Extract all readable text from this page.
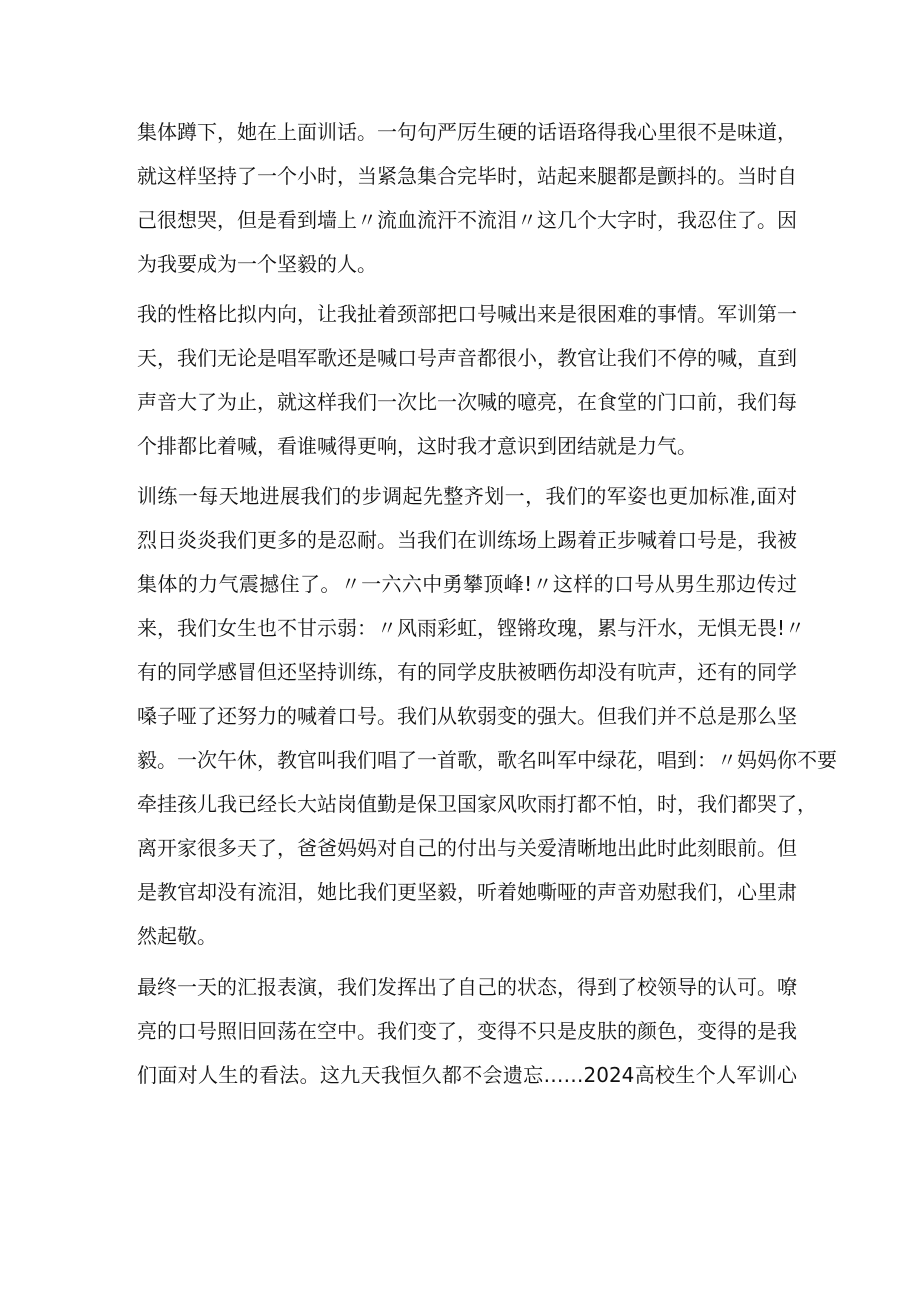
集体蹲下，她在上面训话。一句句严厉生硬的话语珞得我心里很不是味道，
就这样坚持了一个小时，当紧急集合完毕时，站起来腿都是颤抖的。当时自
己很想哭，但是看到墙上〃流血流汗不流泪〃这几个大字时，我忍住了。因
为我要成为一个坚毅的人。
我的性格比拟内向，让我扯着颈部把口号喊出来是很困难的事情。军训第一
天，我们无论是唱军歌还是喊口号声音都很小，教官让我们不停的喊，直到
声音大了为止，就这样我们一次比一次喊的噫亮，在食堂的门口前，我们每
个排都比着喊，看谁喊得更响，这时我才意识到团结就是力气。
训练一每天地进展我们的步调起先整齐划一，我们的军姿也更加标准,面对
烈日炎炎我们更多的是忍耐。当我们在训练场上踢着正步喊着口号是，我被
集体的力气震撼住了。〃一六六中勇攀顶峰!〃这样的口号从男生那边传过
来，我们女生也不甘示弱：〃风雨彩虹，铿锵玫瑰，累与汗水，无惧无畏!〃
有的同学感冒但还坚持训练，有的同学皮肤被晒伤却没有吭声，还有的同学
嗓子哑了还努力的喊着口号。我们从软弱变的强大。但我们并不总是那么坚
毅。一次午休，教官叫我们唱了一首歌，歌名叫军中绿花，唱到：〃妈妈你不要
牵挂孩儿我已经长大站岗值勤是保卫国家风吹雨打都不怕，时，我们都哭了，
离开家很多天了，爸爸妈妈对自己的付出与关爱清晰地出此时此刻眼前。但
是教官却没有流泪，她比我们更坚毅，听着她嘶哑的声音劝慰我们，心里肃
然起敬。
最终一天的汇报表演，我们发挥出了自己的状态，得到了校领导的认可。嘹
亮的口号照旧回荡在空中。我们变了，变得不只是皮肤的颜色，变得的是我
们面对人生的看法。这九天我恒久都不会遗忘……2024高校生个人军训心
